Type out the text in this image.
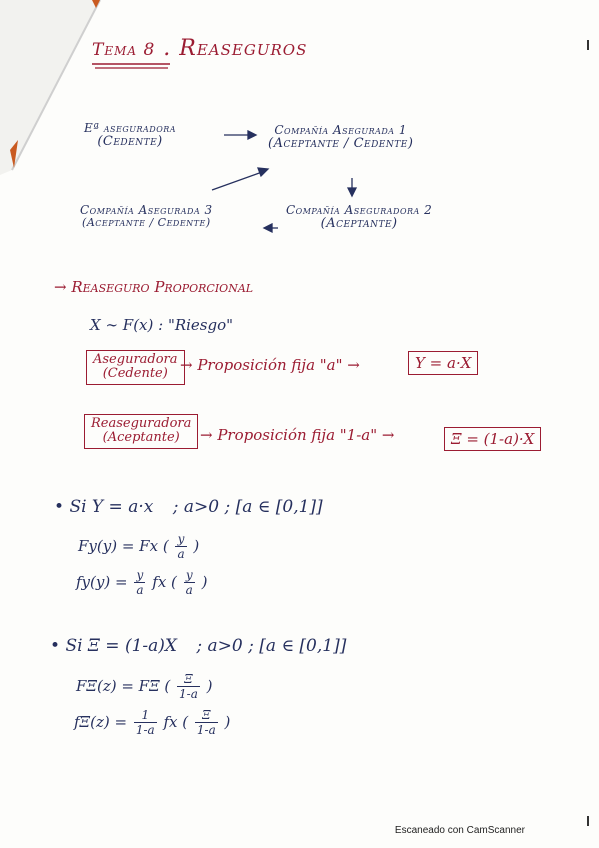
Tema 8 . Reaseguros
Eª aseguradora
(Cedente)
Compañía Asegurada 1
(Aceptante / Cedente)
Compañía Aseguradora 2
(Aceptante)
Compañía Asegurada 3
(Aceptante / Cedente)
→ Reaseguro Proporcional
X ∼ F(x) : "Riesgo"
Aseguradora
(Cedente) → Proposición fija "a" →	Y = a·X
Reaseguradora
(Aceptante)	→ Proposición fija "1-a" →	Ξ = (1-a)·X
• Si Y = a·x ; a>0 ; [a ∈ [0,1]]
Fy(y) = Fx ( $\frac{y}{a}$ )
$fy(y) = \frac{y}{a}$ fx ( $\frac{y}{a}$ )
• Si Ξ = (1-a)X ; a>0 ; [a ∈ [0,1]]
FΞ(z) = FΞ ( $\frac{\Xi}{1-a}$ )
$f\Xi(z) = \frac{1}{1-a}$ fx ( $\frac{\Xi}{1-a}$ )
Escaneado con CamScanner
